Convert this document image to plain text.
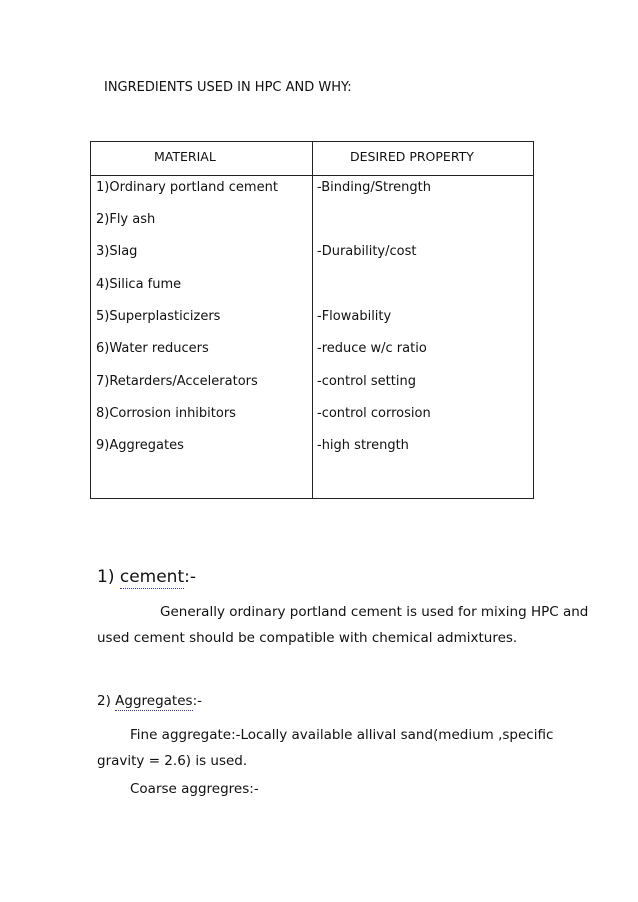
INGREDIENTS USED IN HPC AND WHY:
MATERIAL	DESIRED PROPERTY
1)Ordinary portland cement
2)Fly ash
3)Slag
4)Silica fume
5)Superplasticizers
6)Water reducers
7)Retarders/Accelerators
8)Corrosion inhibitors
9)Aggregates
-Binding/Strength
-Durability/cost
-Flowability
-reduce w/c ratio
-control setting
-control corrosion
-high strength
1) cement:-
Generally ordinary portland cement is used for mixing HPC and
used cement should be compatible with chemical admixtures.
2) Aggregates:-
Fine aggregate:-Locally available allival sand(medium ,specific
gravity = 2.6) is used.
Coarse aggregres:-
